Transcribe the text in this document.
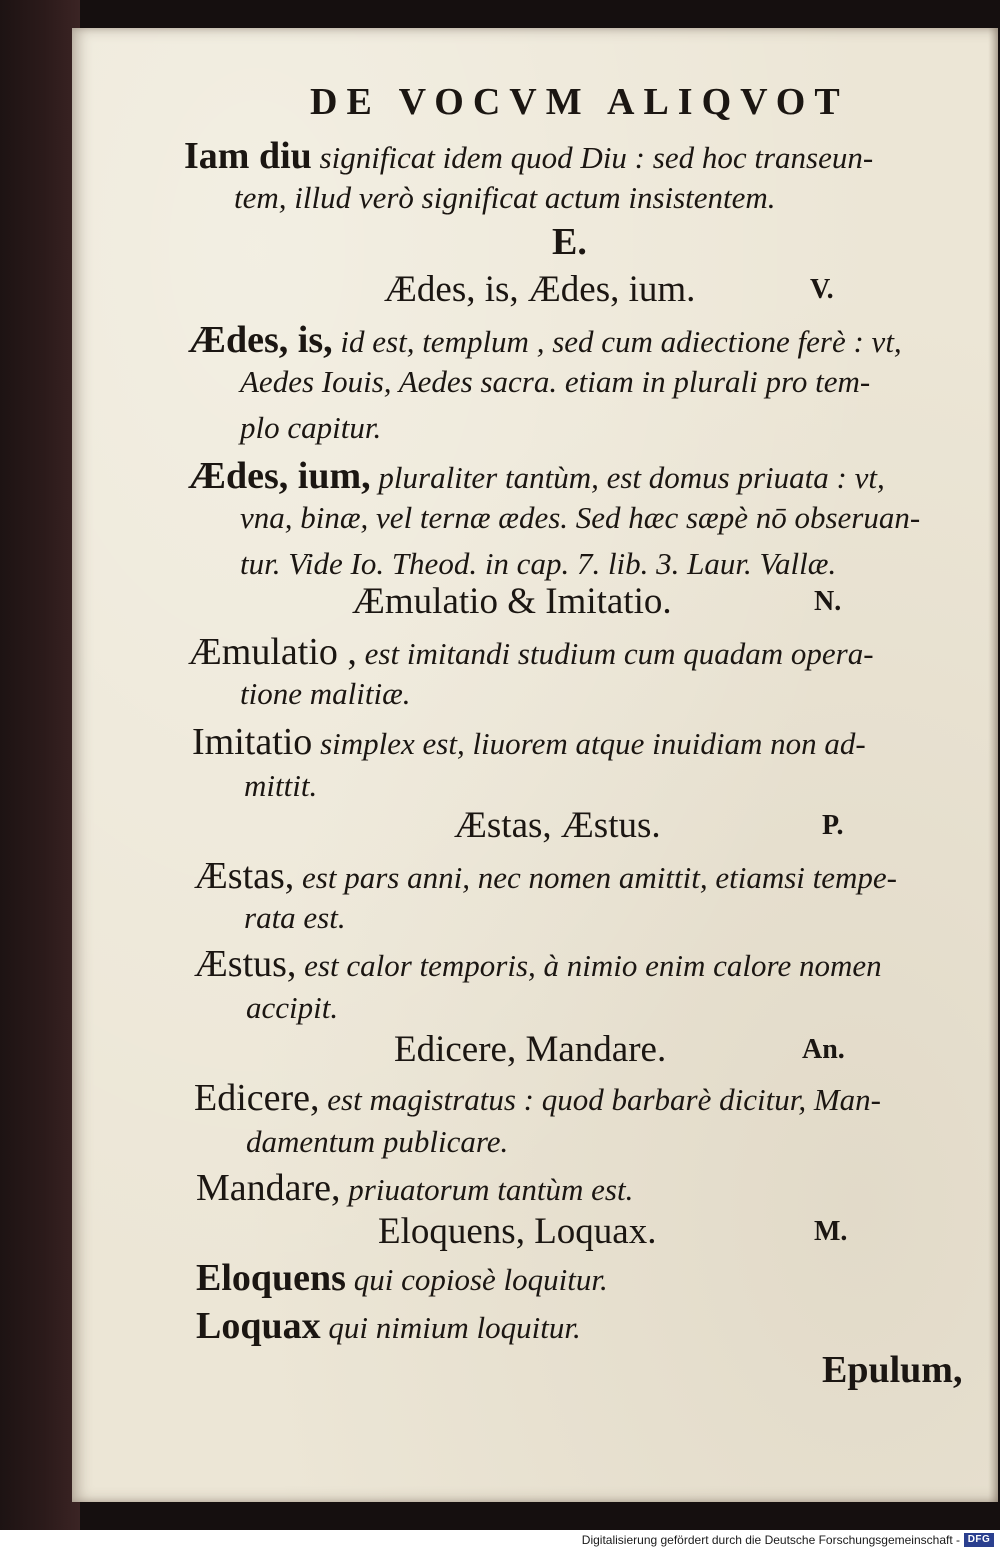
DE VOCVM ALIQVOT

Iam diu significat idem quod Diu : sed hoc transeun-

tem, illud verò significat actum insistentem.

E.

Ædes, is, Ædes, ium.	V.

Ædes, is, id est, templum , sed cum adiectione ferè : vt,

Aedes Iouis, Aedes sacra. etiam in plurali pro tem-

plo capitur.

Ædes, ium, pluraliter tantùm, est domus priuata : vt,

vna, binæ, vel ternæ ædes. Sed hæc sæpè nō obseruan-

tur. Vide Io. Theod. in cap. 7. lib. 3. Laur. Vallæ.

Æmulatio & Imitatio.	N.

Æmulatio , est imitandi studium cum quadam opera-

tione malitiæ.

Imitatio simplex est, liuorem atque inuidiam non ad-

mittit.

Æstas, Æstus.	P.

Æstas, est pars anni, nec nomen amittit, etiamsi tempe-

rata est.

Æstus, est calor temporis, à nimio enim calore nomen

accipit.

Edicere, Mandare.	An.

Edicere, est magistratus : quod barbarè dicitur, Man-

damentum publicare.

Mandare, priuatorum tantùm est.

Eloquens, Loquax.	M.

Eloquens qui copiosè loquitur.

Loquax qui nimium loquitur.

Epulum,

Digitalisierung gefördert durch die Deutsche Forschungsgemeinschaft - DFG
